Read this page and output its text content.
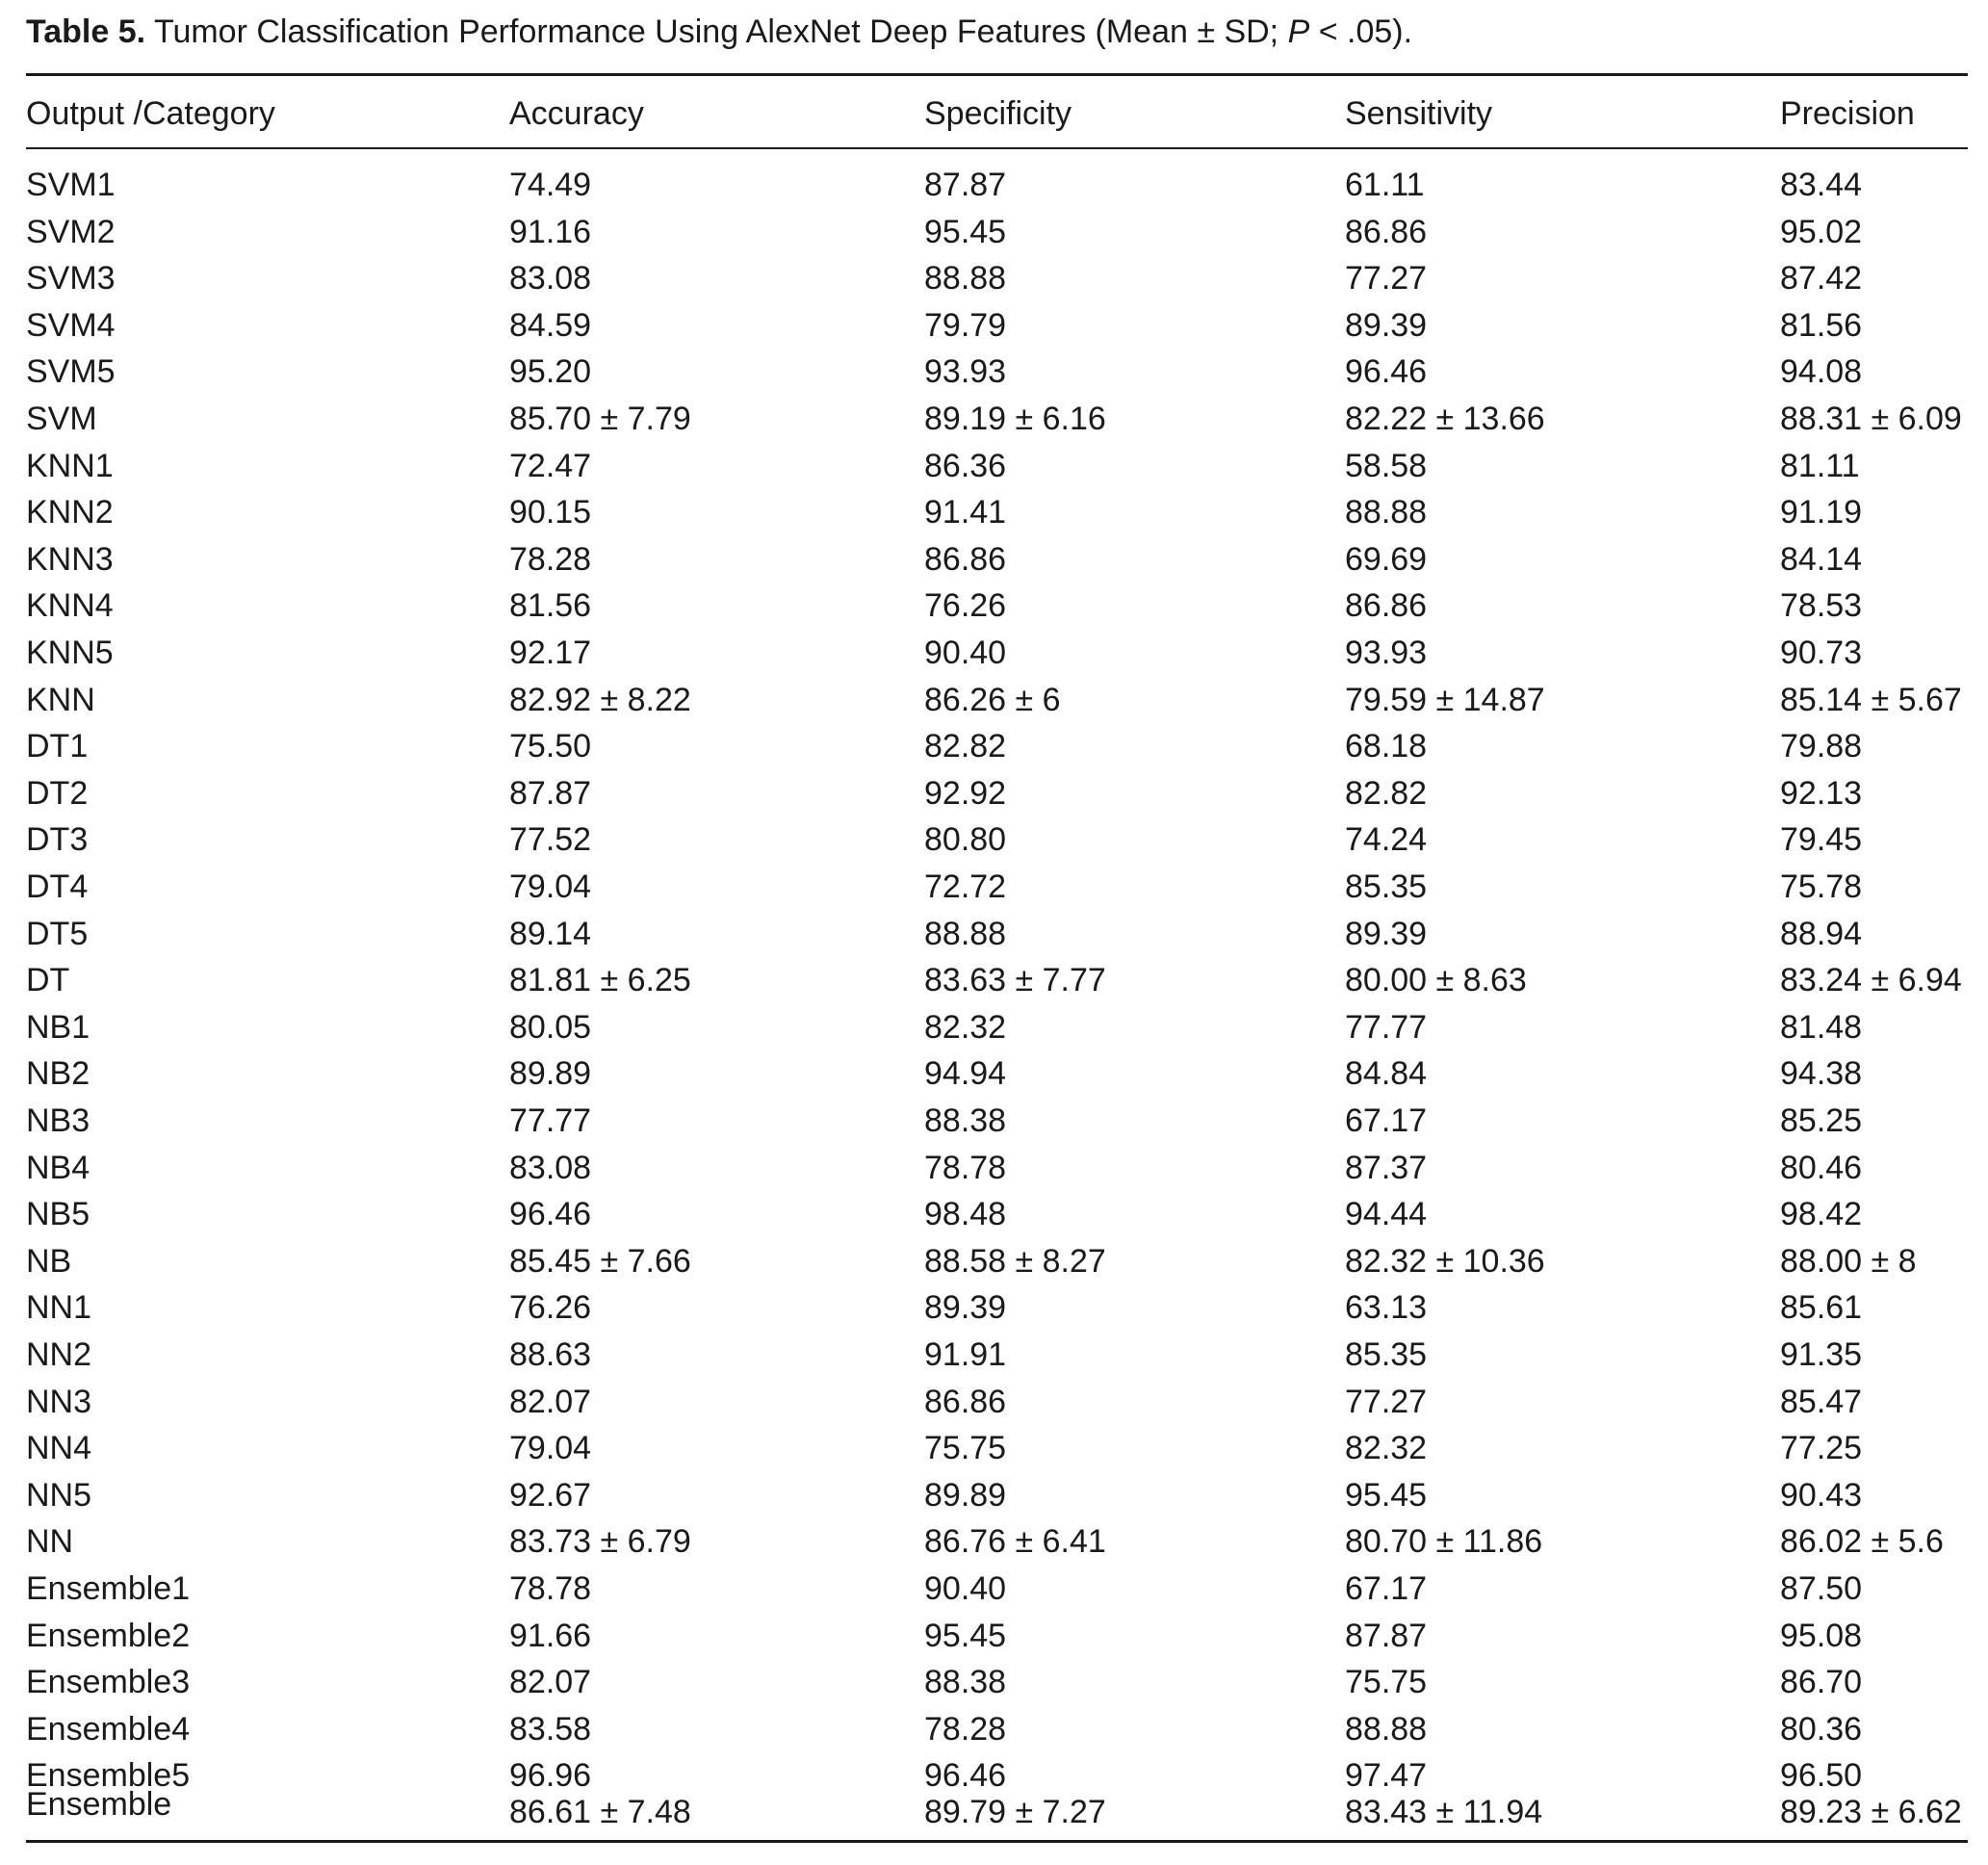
Table 5. Tumor Classification Performance Using AlexNet Deep Features (Mean ± SD; P < .05).
Output /Category	Accuracy	Specificity	Sensitivity	Precision
SVM1	74.49	87.87	61.11	83.44
SVM2	91.16	95.45	86.86	95.02
SVM3	83.08	88.88	77.27	87.42
SVM4	84.59	79.79	89.39	81.56
SVM5	95.20	93.93	96.46	94.08
SVM	85.70 ± 7.79	89.19 ± 6.16	82.22 ± 13.66	88.31 ± 6.09
KNN1	72.47	86.36	58.58	81.11
KNN2	90.15	91.41	88.88	91.19
KNN3	78.28	86.86	69.69	84.14
KNN4	81.56	76.26	86.86	78.53
KNN5	92.17	90.40	93.93	90.73
KNN	82.92 ± 8.22	86.26 ± 6	79.59 ± 14.87	85.14 ± 5.67
DT1	75.50	82.82	68.18	79.88
DT2	87.87	92.92	82.82	92.13
DT3	77.52	80.80	74.24	79.45
DT4	79.04	72.72	85.35	75.78
DT5	89.14	88.88	89.39	88.94
DT	81.81 ± 6.25	83.63 ± 7.77	80.00 ± 8.63	83.24 ± 6.94
NB1	80.05	82.32	77.77	81.48
NB2	89.89	94.94	84.84	94.38
NB3	77.77	88.38	67.17	85.25
NB4	83.08	78.78	87.37	80.46
NB5	96.46	98.48	94.44	98.42
NB	85.45 ± 7.66	88.58 ± 8.27	82.32 ± 10.36	88.00 ± 8
NN1	76.26	89.39	63.13	85.61
NN2	88.63	91.91	85.35	91.35
NN3	82.07	86.86	77.27	85.47
NN4	79.04	75.75	82.32	77.25
NN5	92.67	89.89	95.45	90.43
NN	83.73 ± 6.79	86.76 ± 6.41	80.70 ± 11.86	86.02 ± 5.6
Ensemble1	78.78	90.40	67.17	87.50
Ensemble2	91.66	95.45	87.87	95.08
Ensemble3	82.07	88.38	75.75	86.70
Ensemble4	83.58	78.28	88.88	80.36
Ensemble5	96.96	96.46	97.47	96.50
Ensemble	86.61 ± 7.48	89.79 ± 7.27	83.43 ± 11.94	89.23 ± 6.62
